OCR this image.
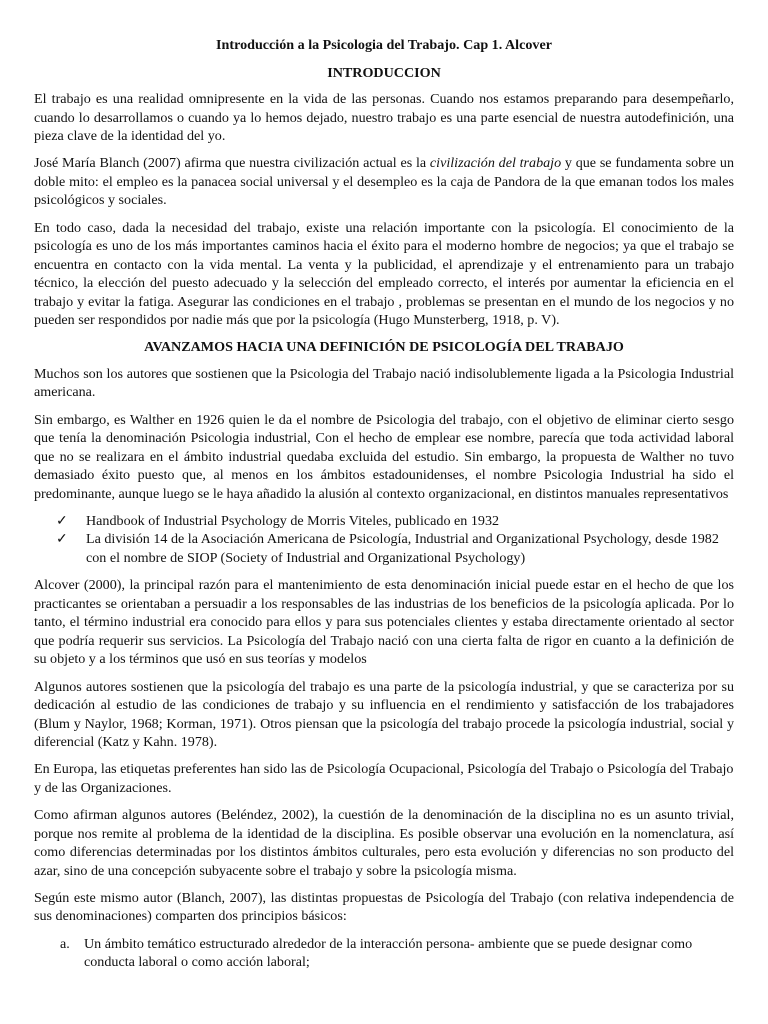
Introducción a la Psicologia del Trabajo. Cap 1. Alcover
INTRODUCCION

El trabajo es una realidad omnipresente en la vida de las personas. Cuando nos estamos preparando para desempeñarlo, cuando lo desarrollamos o cuando ya lo hemos dejado, nuestro trabajo es una parte esencial de nuestra autodefinición, una pieza clave de la identidad del yo.

José María Blanch (2007) afirma que nuestra civilización actual es la civilización del trabajo y que se fundamenta sobre un doble mito: el empleo es la panacea social universal y el desempleo es la caja de Pandora de la que emanan todos los males psicológicos y sociales.

En todo caso, dada la necesidad del trabajo, existe una relación importante con la psicología. El conocimiento de la psicología es uno de los más importantes caminos hacia el éxito para el moderno hombre de negocios; ya que el trabajo se encuentra en contacto con la vida mental. La venta y la publicidad, el aprendizaje y el entrenamiento para un trabajo técnico, la elección del puesto adecuado y la selección del empleado correcto, el interés por aumentar la eficiencia en el trabajo y evitar la fatiga. Asegurar las condiciones en el trabajo , problemas se presentan en el mundo de los negocios y no pueden ser respondidos por nadie más que por la psicología (Hugo Munsterberg, 1918, p. V).

AVANZAMOS HACIA UNA DEFINICIÓN DE PSICOLOGÍA DEL TRABAJO

Muchos son los autores que sostienen que la Psicologia del Trabajo nació indisolublemente ligada a la Psicologia Industrial americana.

Sin embargo, es Walther en 1926 quien le da el nombre de Psicologia del trabajo, con el objetivo de eliminar cierto sesgo que tenía la denominación Psicologia industrial, Con el hecho de emplear ese nombre, parecía que toda actividad laboral que no se realizara en el ámbito industrial quedaba excluida del estudio. Sin embargo, la propuesta de Walther no tuvo demasiado éxito puesto que, al menos en los ámbitos estadounidenses, el nombre Psicologia Industrial ha sido el predominante, aunque luego se le haya añadido la alusión al contexto organizacional, en distintos manuales representativos

✓	Handbook of Industrial Psychology de Morris Viteles, publicado en 1932
✓	La división 14 de la Asociación Americana de Psicología, Industrial and Organizational Psychology, desde 1982 con el nombre de SIOP (Society of Industrial and Organizational Psychology)

Alcover (2000), la principal razón para el mantenimiento de esta denominación inicial puede estar en el hecho de que los practicantes se orientaban a persuadir a los responsables de las industrias de los beneficios de la psicología aplicada. Por lo tanto, el término industrial era conocido para ellos y para sus potenciales clientes y estaba directamente orientado al sector que podría requerir sus servicios. La Psicología del Trabajo nació con una cierta falta de rigor en cuanto a la definición de su objeto y a los términos que usó en sus teorías y modelos

Algunos autores sostienen que la psicología del trabajo es una parte de la psicología industrial, y que se caracteriza por su dedicación al estudio de las condiciones de trabajo y su influencia en el rendimiento y satisfacción de los trabajadores (Blum y Naylor, 1968; Korman, 1971). Otros piensan que la psicología del trabajo procede la psicología industrial, social y diferencial (Katz y Kahn. 1978).

En Europa, las etiquetas preferentes han sido las de Psicología Ocupacional, Psicología del Trabajo o Psicología del Trabajo y de las Organizaciones.

Como afirman algunos autores (Beléndez, 2002), la cuestión de la denominación de la disciplina no es un asunto trivial, porque nos remite al problema de la identidad de la disciplina. Es posible observar una evolución en la nomenclatura, así como diferencias determinadas por los distintos ámbitos culturales, pero esta evolución y diferencias no son producto del azar, sino de una concepción subyacente sobre el trabajo y sobre la psicología misma.

Según este mismo autor (Blanch, 2007), las distintas propuestas de Psicología del Trabajo (con relativa independencia de sus denominaciones) comparten dos principios básicos:

a. Un ámbito temático estructurado alrededor de la interacción persona- ambiente que se puede designar como conducta laboral o como acción laboral;
